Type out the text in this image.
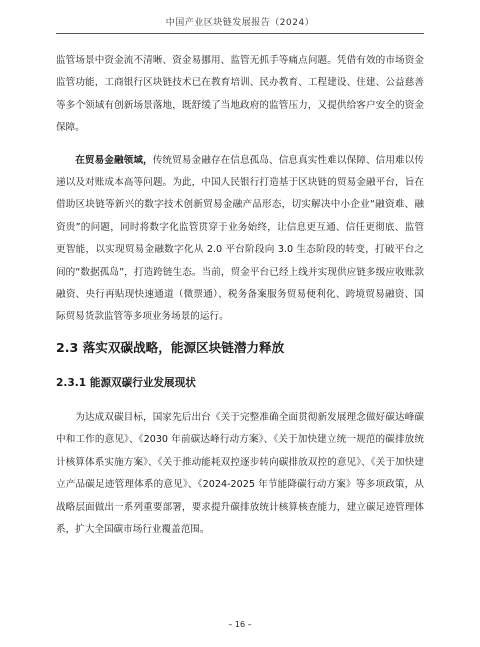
中国产业区块链发展报告（2024）

监管场景中资金流不清晰、资金易挪用、监管无抓手等痛点问题。凭借有效的市场资金监管功能，工商银行区块链技术已在教育培训、民办教育、工程建设、住建、公益慈善等多个领域有创新场景落地，既舒缓了当地政府的监管压力，又提供给客户安全的资金保障。

在贸易金融领域，传统贸易金融存在信息孤岛、信息真实性难以保障、信用难以传递以及对账成本高等问题。为此，中国人民银行打造基于区块链的贸易金融平台，旨在借助区块链等新兴的数字技术创新贸易金融产品形态，切实解决中小企业“融资难、融资贵”的问题，同时将数字化监管贯穿于业务始终，让信息更互通、信任更彻底、监管更智能，以实现贸易金融数字化从 2.0 平台阶段向 3.0 生态阶段的转变，打破平台之间的“数据孤岛”，打造跨链生态。当前，贸金平台已经上线并实现供应链多级应收账款融资、央行再贴现快速通道（微票通）、税务备案服务贸易便利化、跨境贸易融资、国际贸易货款监管等多项业务场景的运行。

2.3 落实双碳战略，能源区块链潜力释放
2.3.1 能源双碳行业发展现状

为达成双碳目标，国家先后出台《关于完整准确全面贯彻新发展理念做好碳达峰碳中和工作的意见》、《2030 年前碳达峰行动方案》、《关于加快建立统一规范的碳排放统计核算体系实施方案》、《关于推动能耗双控逐步转向碳排放双控的意见》、《关于加快建立产品碳足迹管理体系的意见》、《2024-2025 年节能降碳行动方案》等多项政策，从战略层面做出一系列重要部署，要求提升碳排放统计核算核查能力，建立碳足迹管理体系，扩大全国碳市场行业覆盖范围。

– 16 –
